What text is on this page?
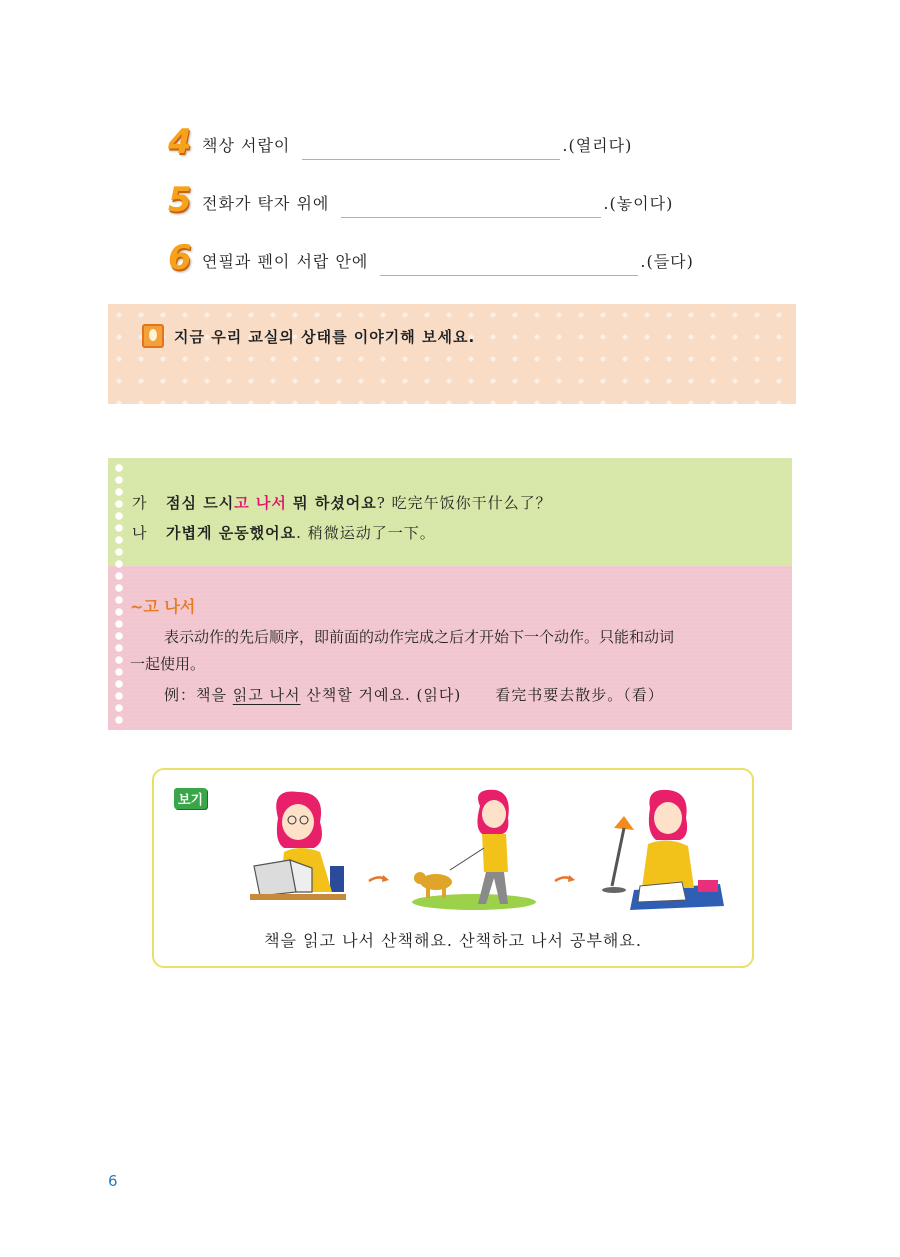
4 책상 서랍이	.(열리다)
5 전화가 탁자 위에	.(놓이다)
6 연필과 펜이 서랍 안에	.(들다)
지금 우리 교실의 상태를 이야기해 보세요.
가 점심 드시고 나서 뭐 하셨어요? 吃完午饭你干什么了？
나 가볍게 운동했어요. 稍微运动了一下。
~고 나서
表示动作的先后顺序，即前面的动作完成之后才开始下一个动作。只能和动词
一起使用。
例：책을 읽고 나서 산책할 거예요. (읽다) 看完书要去散步。（看）
보기
책을 읽고 나서 산책해요. 산책하고 나서 공부해요.
6
